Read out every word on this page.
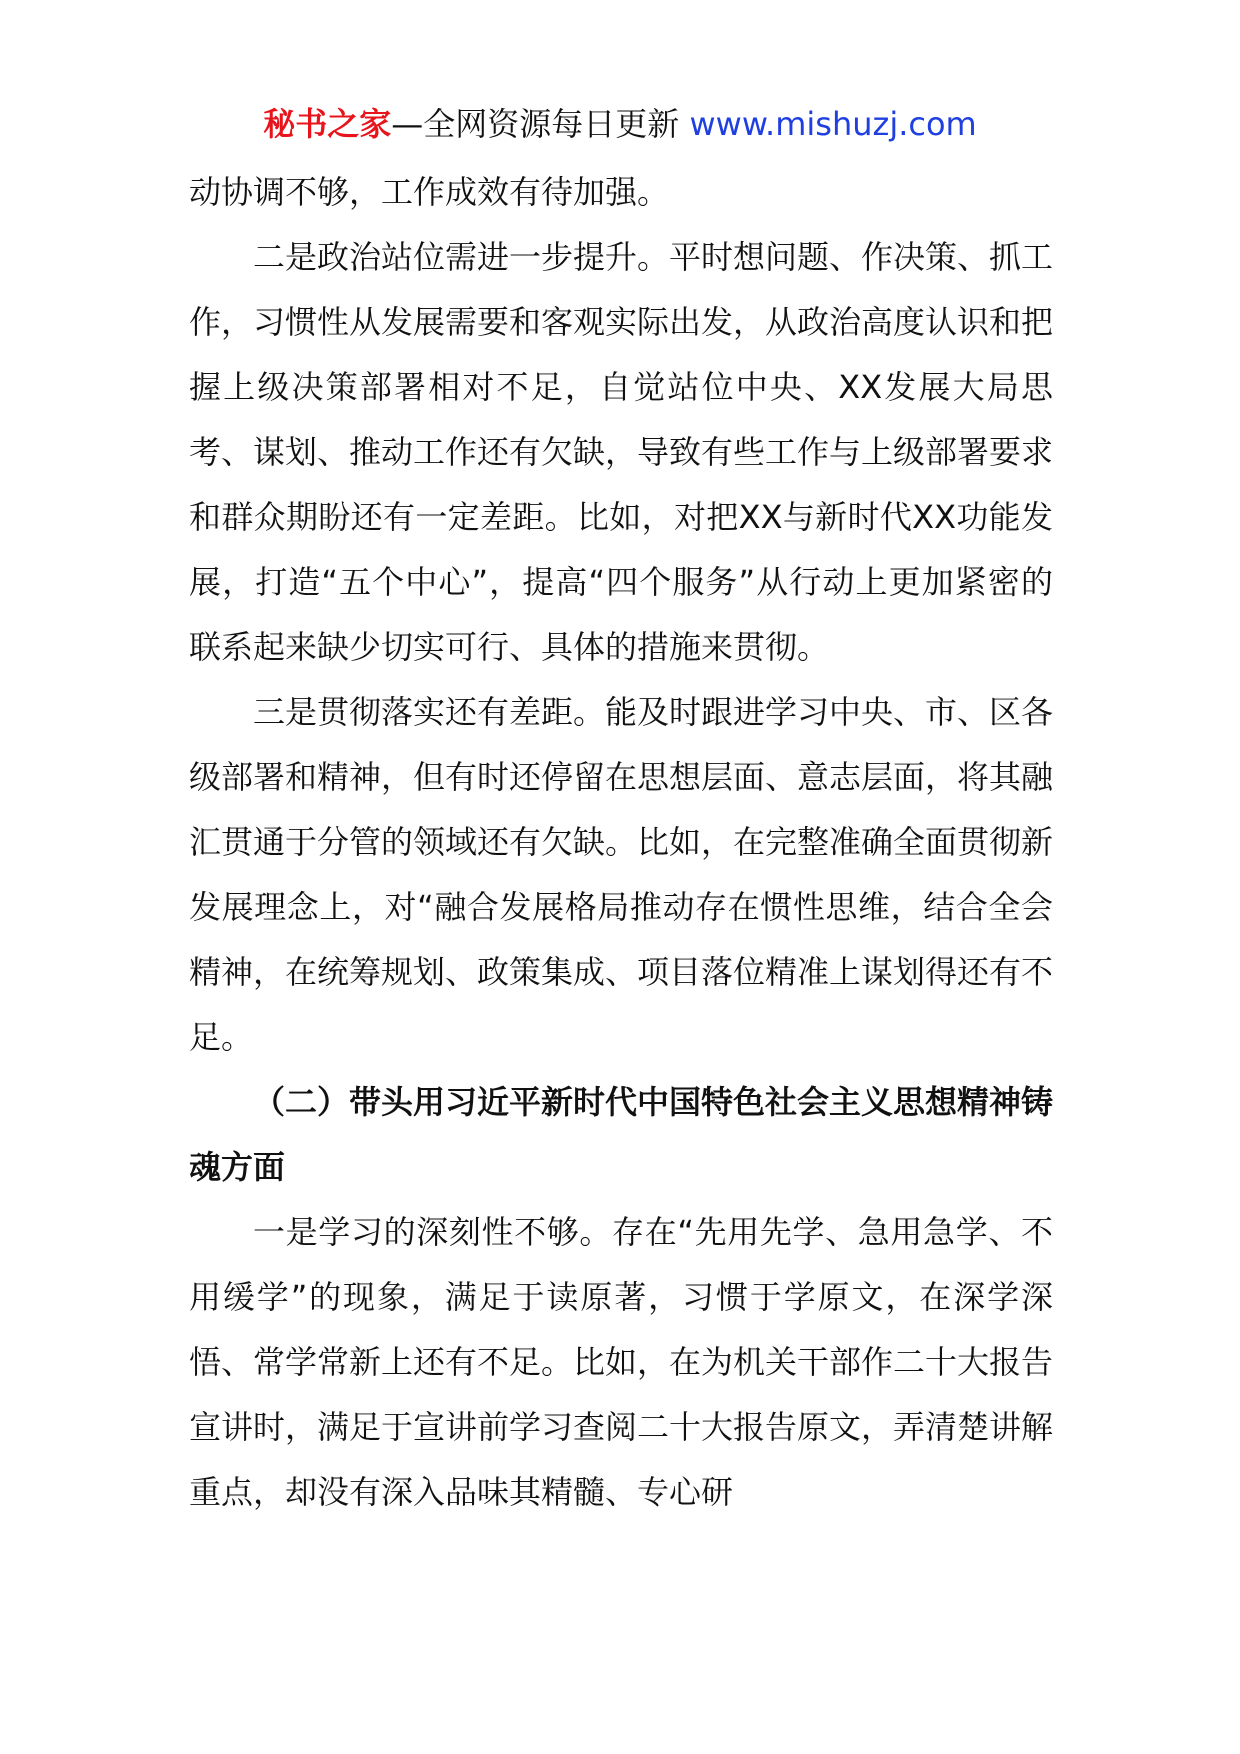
秘书之家—全网资源每日更新 www.mishuzj.com

动协调不够，工作成效有待加强。

二是政治站位需进一步提升。平时想问题、作决策、抓工作，习惯性从发展需要和客观实际出发，从政治高度认识和把握上级决策部署相对不足，自觉站位中央、XX发展大局思考、谋划、推动工作还有欠缺，导致有些工作与上级部署要求和群众期盼还有一定差距。比如，对把XX与新时代XX功能发展，打造“五个中心”，提高“四个服务”从行动上更加紧密的联系起来缺少切实可行、具体的措施来贯彻。

三是贯彻落实还有差距。能及时跟进学习中央、市、区各级部署和精神，但有时还停留在思想层面、意志层面，将其融汇贯通于分管的领域还有欠缺。比如，在完整准确全面贯彻新发展理念上，对“融合发展格局推动存在惯性思维，结合全会精神，在统筹规划、政策集成、项目落位精准上谋划得还有不足。

（二）带头用习近平新时代中国特色社会主义思想精神铸魂方面

一是学习的深刻性不够。存在“先用先学、急用急学、不用缓学”的现象，满足于读原著，习惯于学原文，在深学深悟、常学常新上还有不足。比如，在为机关干部作二十大报告宣讲时，满足于宣讲前学习查阅二十大报告原文，弄清楚讲解重点，却没有深入品味其精髓、专心研
